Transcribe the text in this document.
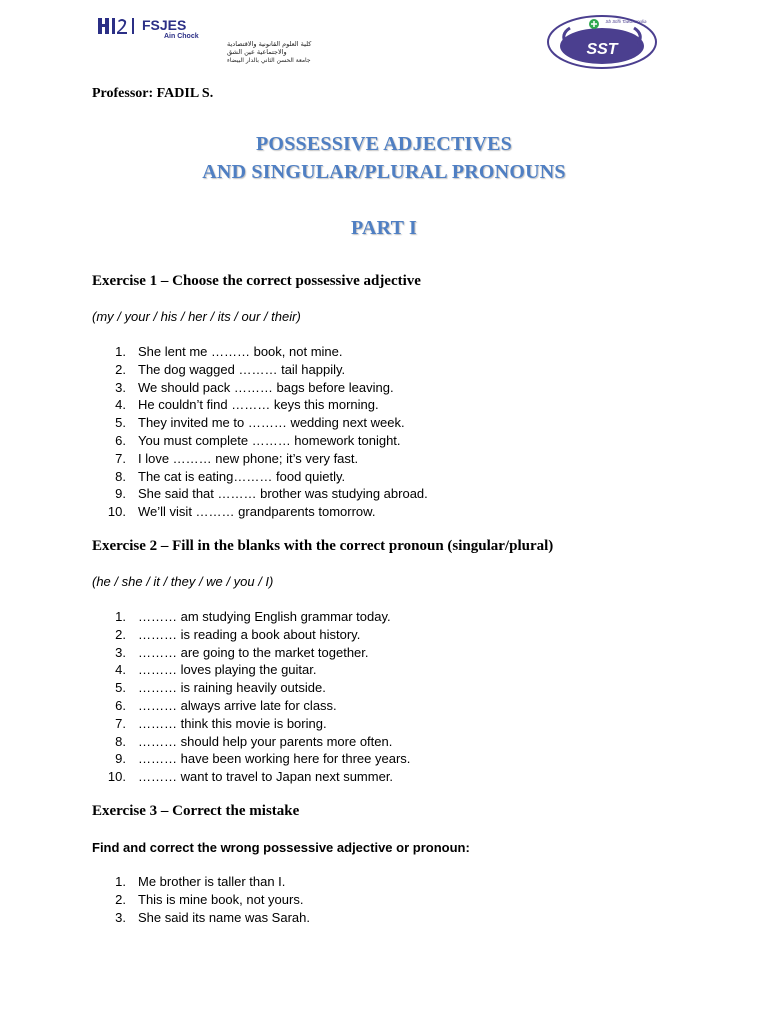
FSJES
Ain Chock
كلية العلوم القانونية والاقتصادية
والاجتماعية عين الشق
جامعة الحسن الثاني بالدار البيضاء
SST
Sb Stifli Tawassoulia
Professor: FADIL S.
POSSESSIVE ADJECTIVES
AND SINGULAR/PLURAL PRONOUNS
PART I
Exercise 1 – Choose the correct possessive adjective
(my / your / his / her / its / our / their)
1. She lent me ……… book, not mine.
2. The dog wagged ……… tail happily.
3. We should pack ……… bags before leaving.
4. He couldn’t find ……… keys this morning.
5. They invited me to ……… wedding next week.
6. You must complete ……… homework tonight.
7. I love ……… new phone; it’s very fast.
8. The cat is eating……… food quietly.
9. She said that ……… brother was studying abroad.
10. We’ll visit ……… grandparents tomorrow.
Exercise 2 – Fill in the blanks with the correct pronoun (singular/plural)
(he / she / it / they / we / you / I)
1. ……… am studying English grammar today.
2. ……… is reading a book about history.
3. ……… are going to the market together.
4. ……… loves playing the guitar.
5. ……… is raining heavily outside.
6. ……… always arrive late for class.
7. ……… think this movie is boring.
8. ……… should help your parents more often.
9. ……… have been working here for three years.
10. ……… want to travel to Japan next summer.
Exercise 3 – Correct the mistake
Find and correct the wrong possessive adjective or pronoun:
1. Me brother is taller than I.
2. This is mine book, not yours.
3. She said its name was Sarah.
